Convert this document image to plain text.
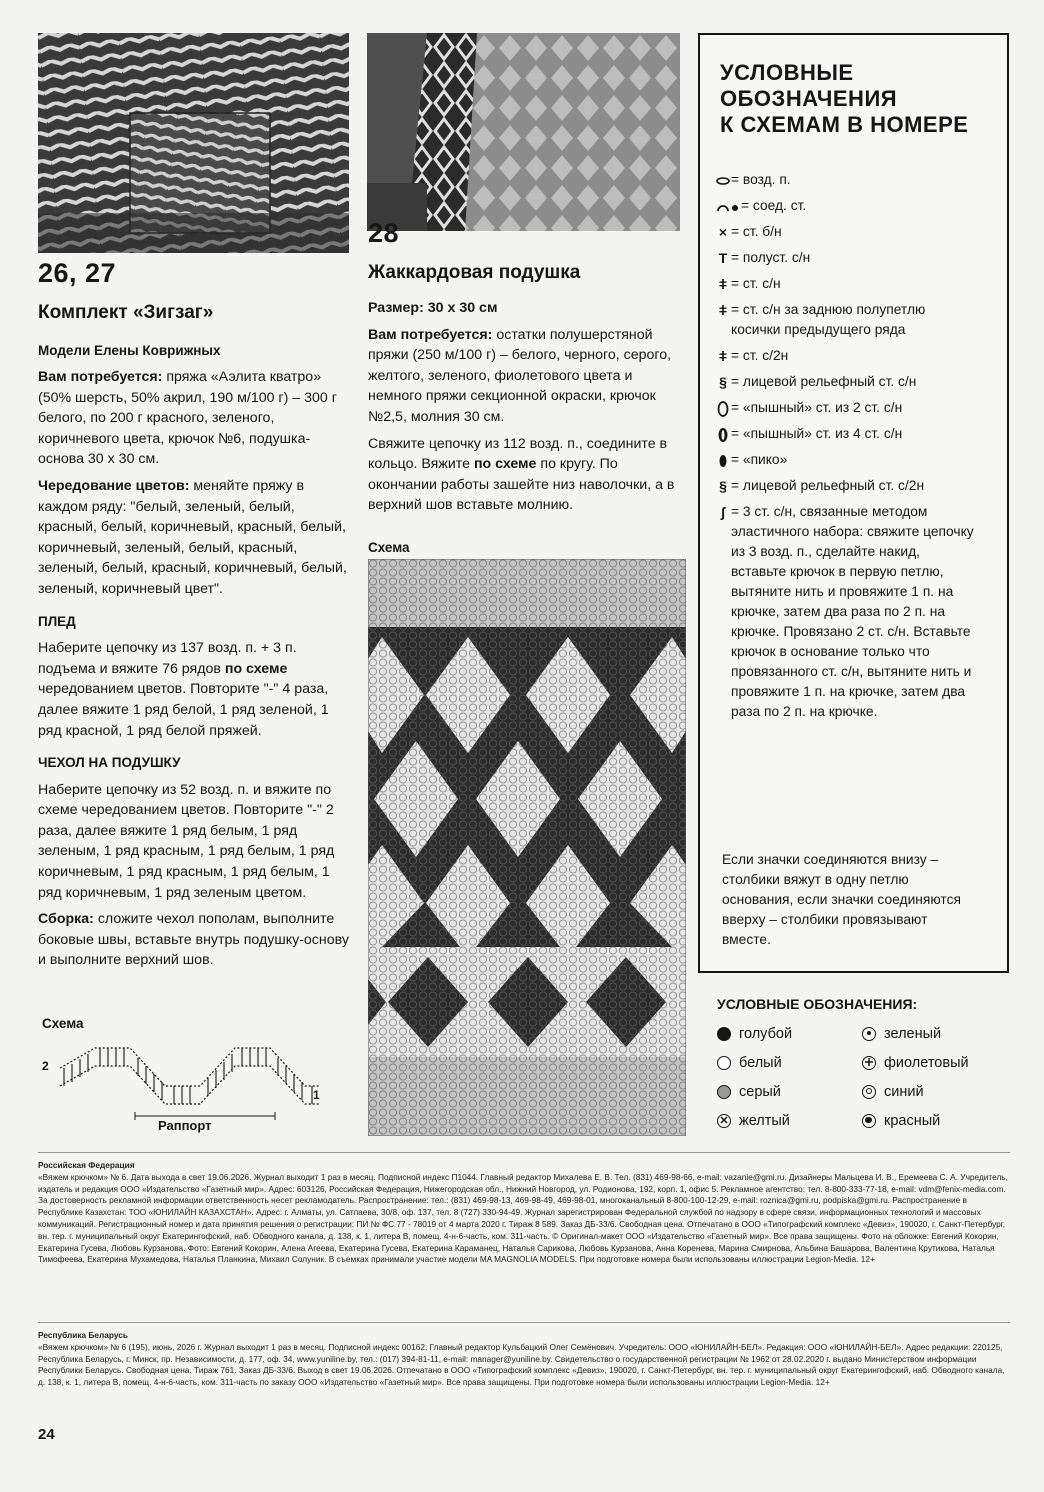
26, 27
Комплект «Зигзаг»
Модели Елены Коврижных

Вам потребуется: пряжа «Аэлита кватро» (50% шерсть, 50% акрил, 190 м/100 г) – 300 г белого, по 200 г красного, зеленого, коричневого цвета, крючок №6, подушка-основа 30 х 30 см.

Чередование цветов: меняйте пряжу в каждом ряду: "белый, зеленый, белый, красный, белый, коричневый, красный, белый, коричневый, зеленый, белый, красный, зеленый, белый, красный, коричневый, белый, зеленый, коричневый цвет".

ПЛЕД

Наберите цепочку из 137 возд. п. + 3 п. подъема и вяжите 76 рядов по схеме чередованием цветов. Повторите "-" 4 раза, далее вяжите 1 ряд белой, 1 ряд зеленой, 1 ряд красной, 1 ряд белой пряжей.

ЧЕХОЛ НА ПОДУШКУ

Наберите цепочку из 52 возд. п. и вяжите по схеме чередованием цветов. Повторите "-" 2 раза, далее вяжите 1 ряд белым, 1 ряд зеленым, 1 ряд красным, 1 ряд белым, 1 ряд коричневым, 1 ряд красным, 1 ряд белым, 1 ряд коричневым, 1 ряд зеленым цветом.

Сборка: сложите чехол пополам, выполните боковые швы, вставьте внутрь подушку-основу и выполните верхний шов.

Схема
2
1
Раппорт
28
Жаккардовая подушка

Размер: 30 х 30 см

Вам потребуется: остатки полушерстяной пряжи (250 м/100 г) – белого, черного, серого, желтого, зеленого, фиолетового цвета и немного пряжи секционной окраски, крючок №2,5, молния 30 см.

Свяжите цепочку из 112 возд. п., соедините в кольцо. Вяжите по схеме по кругу. По окончании работы зашейте низ наволочки, а в верхний шов вставьте молнию.

Схема
УСЛОВНЫЕ
ОБОЗНАЧЕНИЯ
К СХЕМАМ В НОМЕРЕ
= возд. п.
= соед. ст.
× = ст. б/н
T = полуст. с/н
ǂ = ст. с/н
ǂ = ст. с/н за заднюю полупетлю косички предыдущего ряда
ǂ = ст. с/2н
§ = лицевой рельефный ст. с/н
= «пышный» ст. из 2 ст. с/н
= «пышный» ст. из 4 ст. с/н
= «пико»
§ = лицевой рельефный ст. с/2н
ʃ = 3 ст. с/н, связанные методом эластичного набора: свяжите цепочку из 3 возд. п., сделайте накид, вставьте крючок в первую петлю, вытяните нить и провяжите 1 п. на крючке, затем два раза по 2 п. на крючке. Провязано 2 ст. с/н. Вставьте крючок в основание только что провязанного ст. с/н, вытяните нить и провяжите 1 п. на крючке, затем два раза по 2 п. на крючке.
Если значки соединяются внизу – столбики вяжут в одну петлю основания, если значки соединяются вверху – столбики провязывают вместе.
УСЛОВНЫЕ ОБОЗНАЧЕНИЯ:
голубой
белый
серый
желтый
зеленый
фиолетовый
синий
красный
Российская Федерация
«Вяжем крючком» № 6. Дата выхода в свет 19.06.2026. Журнал выходит 1 раз в месяц. Подписной индекс П1044. Главный редактор Михалева Е. В. Тел. (831) 469-98-66, e-mail: vazanie@gmi.ru. Дизайнеры Мальцева И. В., Еремеева С. А. Учредитель, издатель и редакция ООО «Издательство «Газетный мир». Адрес: 603126, Российская Федерация, Нижегородская обл., Нижний Новгород, ул. Родионова, 192, корп. 1, офис 5. Рекламное агентство: тел. 8-800-333-77-18, e-mail: vdm@fenix-media.com. За достоверность рекламной информации ответственность несет рекламодатель. Распространение: тел.: (831) 469-98-13, 469-98-49, 469-98-01, многоканальный 8-800-100-12-29, e-mail: roznica@gmi.ru, podpiska@gmi.ru. Распространение в Республике Казахстан: ТОО «ЮНИЛАЙН КАЗАХСТАН». Адрес: г. Алматы, ул. Сатпаева, 30/8, оф. 137, тел. 8 (727) 330-94-49. Журнал зарегистрирован Федеральной службой по надзору в сфере связи, информационных технологий и массовых коммуникаций. Регистрационный номер и дата принятия решения о регистрации: ПИ № ФС 77 - 78019 от 4 марта 2020 г. Тираж 8 589. Заказ ДБ-33/6. Свободная цена. Отпечатано в ООО «Типографский комплекс «Девиз», 190020, г. Санкт-Петербург, вн. тер. г. муниципальный округ Екатерингофский, наб. Обводного канала, д. 138, к. 1, литера В, помещ. 4-н-6-часть, ком. 311-часть. © Оригинал-макет ООО «Издательство «Газетный мир». Все права защищены. Фото на обложке: Евгений Кокорин, Екатерина Гусева, Любовь Курзанова. Фото: Евгений Кокорин, Алена Агеева, Екатерина Гусева, Екатерина Караманец, Наталья Сарикова, Любовь Курзанова, Анна Коренева, Марина Смирнова, Альбина Башарова, Валентина Крутикова, Наталья Тимофеева, Екатерина Мухамедова, Наталья Планкина, Михаил Солуник. В съемках принимали участие модели MA MAGNOLIA MODELS. При подготовке номера были использованы иллюстрации Legion-Media. 12+
Республика Беларусь
«Вяжем крючком» № 6 (195), июнь, 2026 г. Журнал выходит 1 раз в месяц. Подписной индекс 00162. Главный редактор Кульбацкий Олег Семёнович. Учредитель: ООО «ЮНИЛАЙН-БЕЛ». Редакция: ООО «ЮНИЛАЙН-БЕЛ». Адрес редакции: 220125, Республика Беларусь, г. Минск, пр. Независимости, д. 177, оф. 34, www.yuniline.by, тел.: (017) 394-81-11, e-mail: manager@yuniline.by. Свидетельство о государственной регистрации № 1962 от 28.02.2020 г. выдано Министерством информации Республики Беларусь. Свободная цена. Тираж 761. Заказ ДБ-33/6. Выход в свет 19.06.2026. Отпечатано в ООО «Типографский комплекс «Девиз», 190020, г. Санкт-Петербург, вн. тер. г. муниципальный округ Екатерингофский, наб. Обводного канала, д. 138, к. 1, литера В, помещ. 4-н-6-часть, ком. 311-часть по заказу ООО «Издательство «Газетный мир». Все права защищены. При подготовке номера были использованы иллюстрации Legion-Media. 12+
24
